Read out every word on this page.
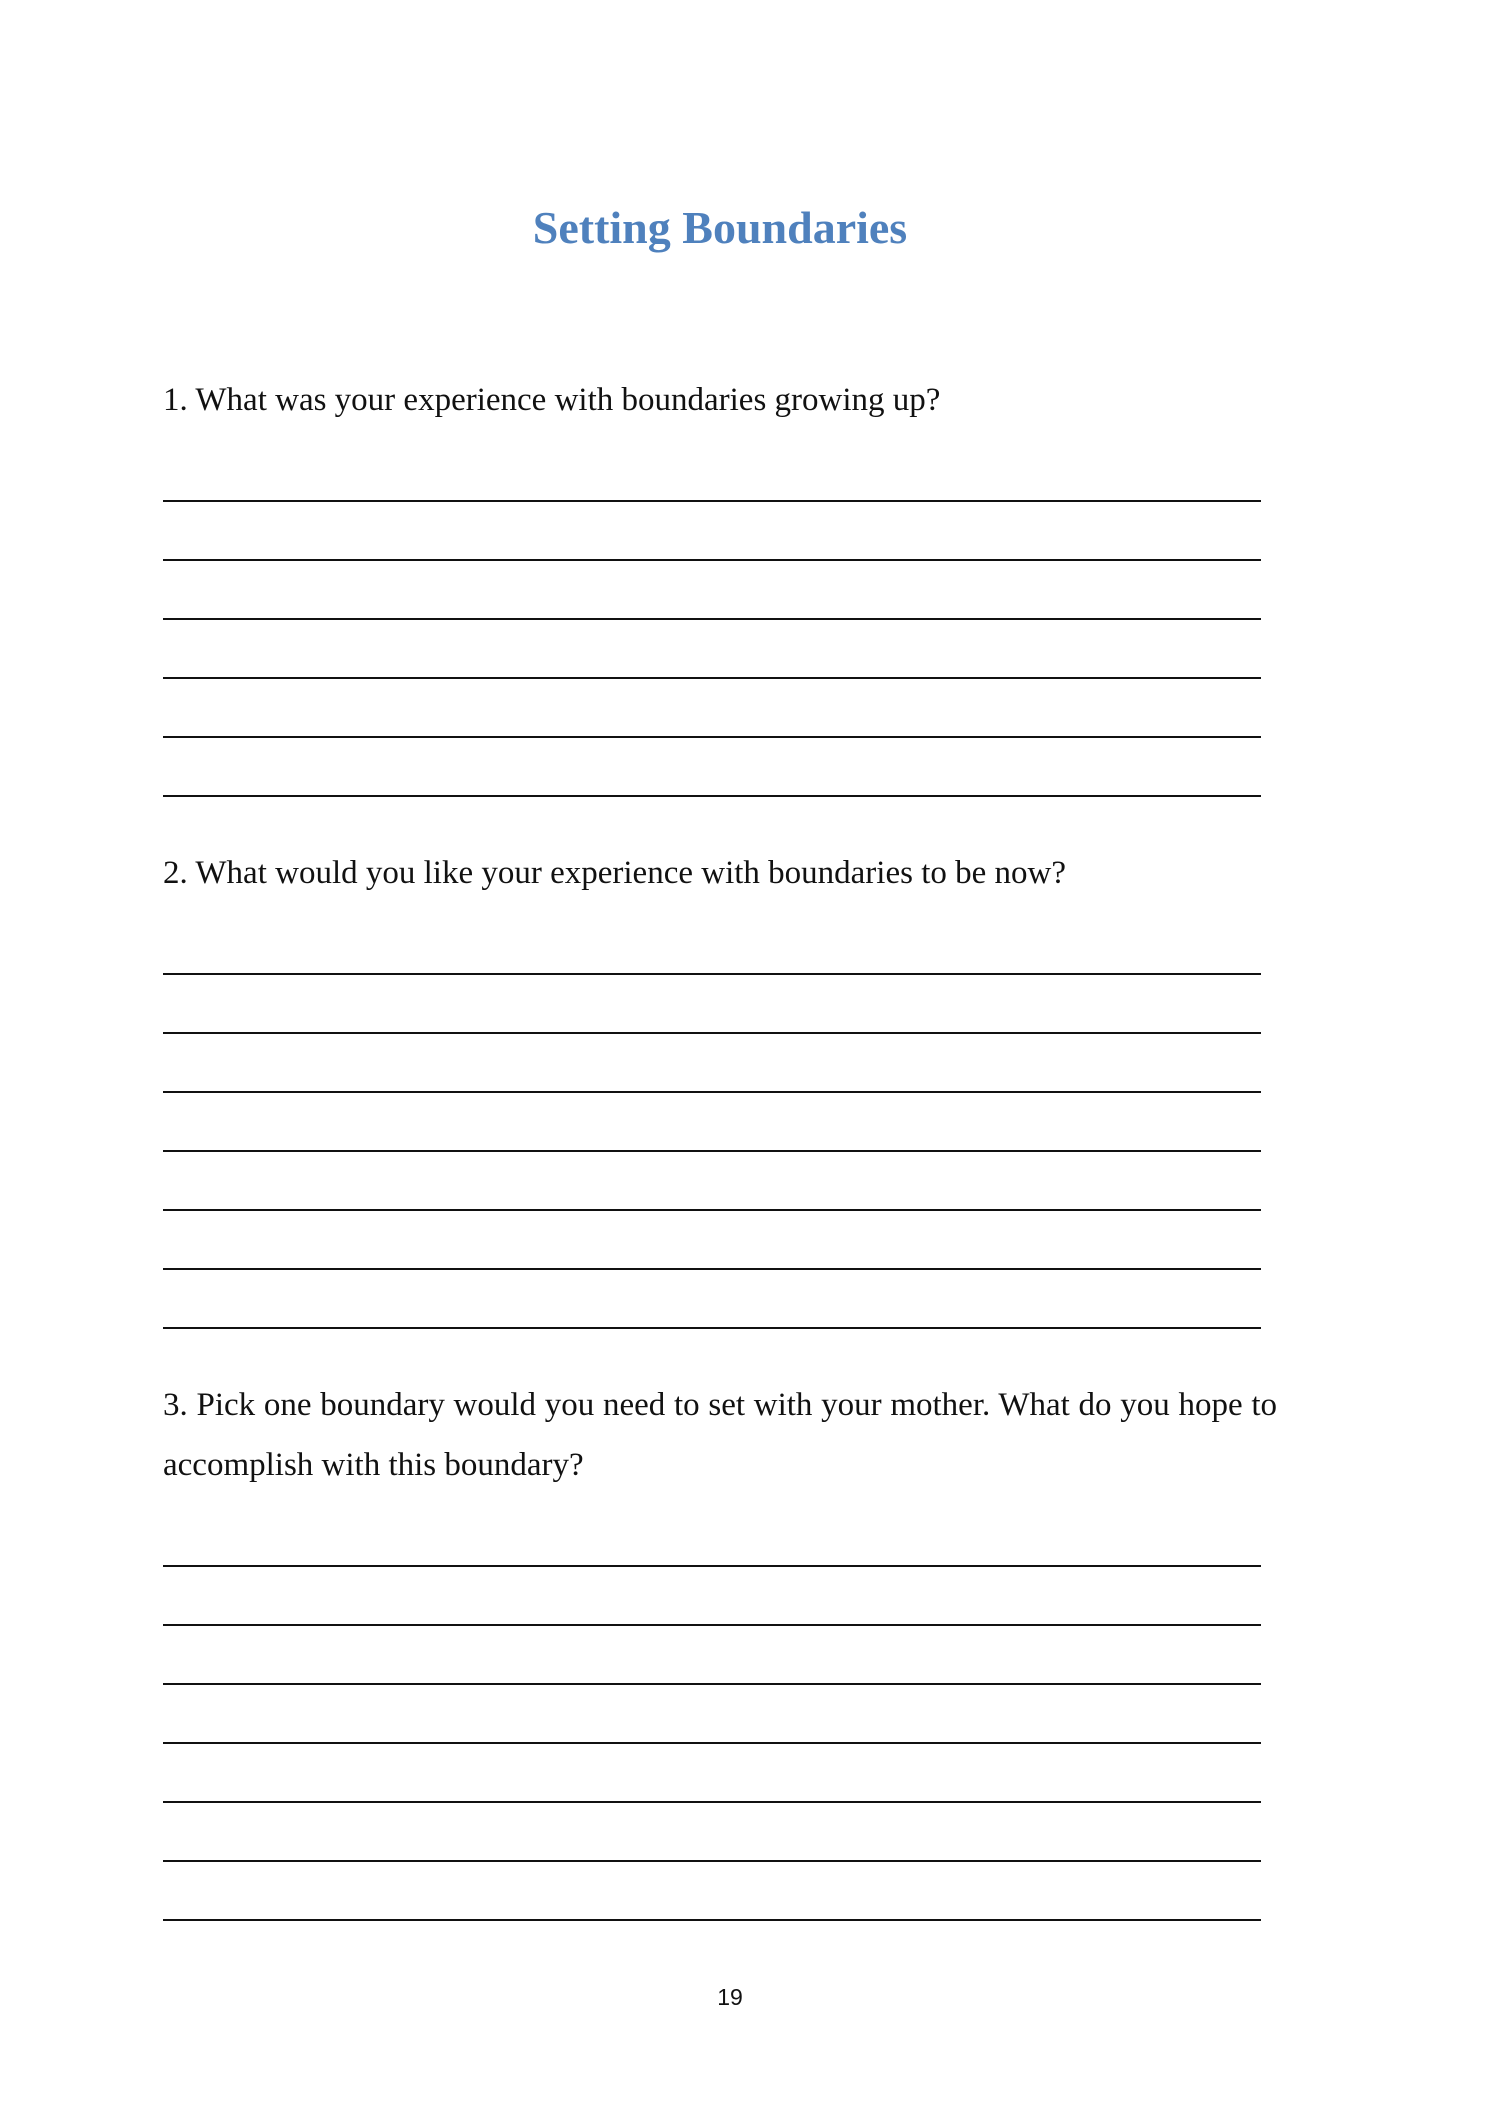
Setting Boundaries
1. What was your experience with boundaries growing up?
2. What would you like your experience with boundaries to be now?
3. Pick one boundary would you need to set with your mother. What do you hope to accomplish with this boundary?
19
